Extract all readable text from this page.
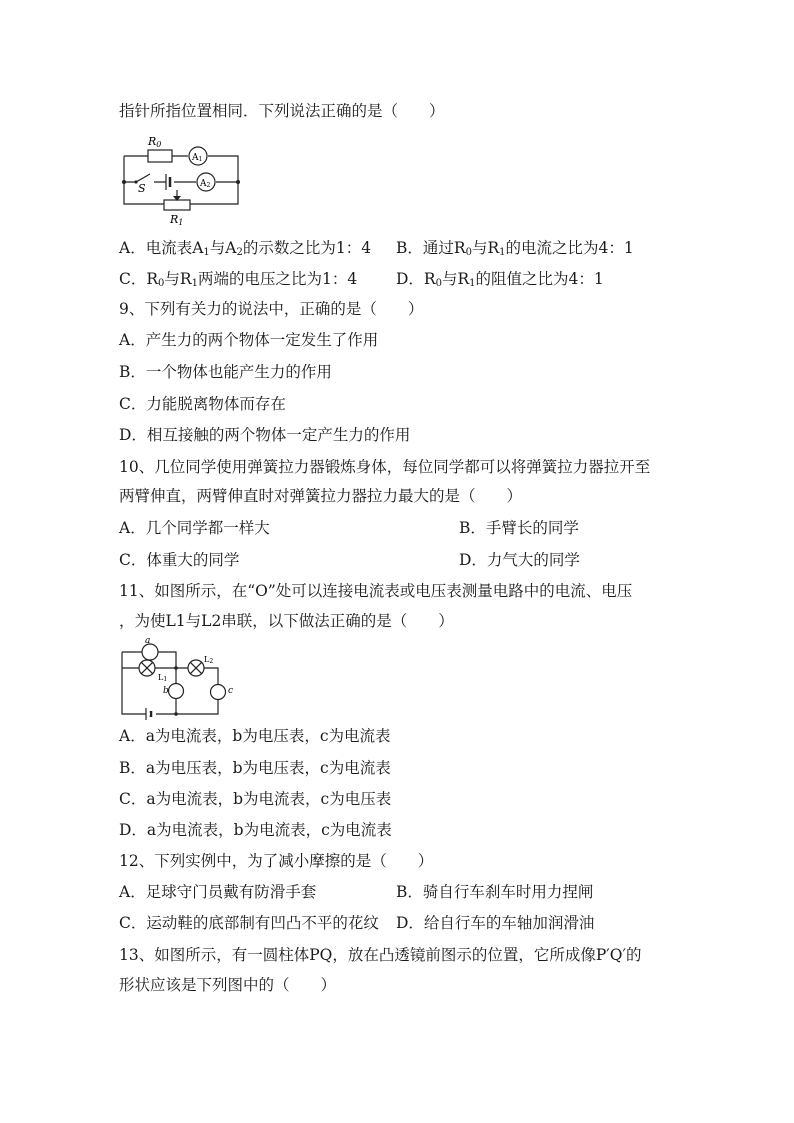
指针所指位置相同．下列说法正确的是（　　）
R0
A1
A2
S
R1
A．电流表$A_1$与$A_2$的示数之比为1：4 B．通过$R_0$与$R_1$的电流之比为4：1
C．$R_0$与$R_1$两端的电压之比为1：4	D．$R_0$与$R_1$的阻值之比为4：1
9、下列有关力的说法中，正确的是（　　）
A．产生力的两个物体一定发生了作用
B．一个物体也能产生力的作用
C．力能脱离物体而存在
D．相互接触的两个物体一定产生力的作用
10、几位同学使用弹簧拉力器锻炼身体，每位同学都可以将弹簧拉力器拉开至
两臂伸直，两臂伸直时对弹簧拉力器拉力最大的是（　　）
A．几个同学都一样大	B．手臂长的同学
C．体重大的同学	D．力气大的同学
11、如图所示，在“O”处可以连接电流表或电压表测量电路中的电流、电压
，为使L1与L2串联，以下做法正确的是（　　）
a
L1
L2
b	c
A．a为电流表，b为电压表，c为电流表
B．a为电压表，b为电压表，c为电流表
C．a为电流表，b为电流表，c为电压表
D．a为电流表，b为电流表，c为电流表
12、下列实例中，为了减小摩擦的是（　　）
A．足球守门员戴有防滑手套	B．骑自行车刹车时用力捏闸
C．运动鞋的底部制有凹凸不平的花纹 D．给自行车的车轴加润滑油
13、如图所示，有一圆柱体PQ，放在凸透镜前图示的位置，它所成像P′Q′的
形状应该是下列图中的（　　）
